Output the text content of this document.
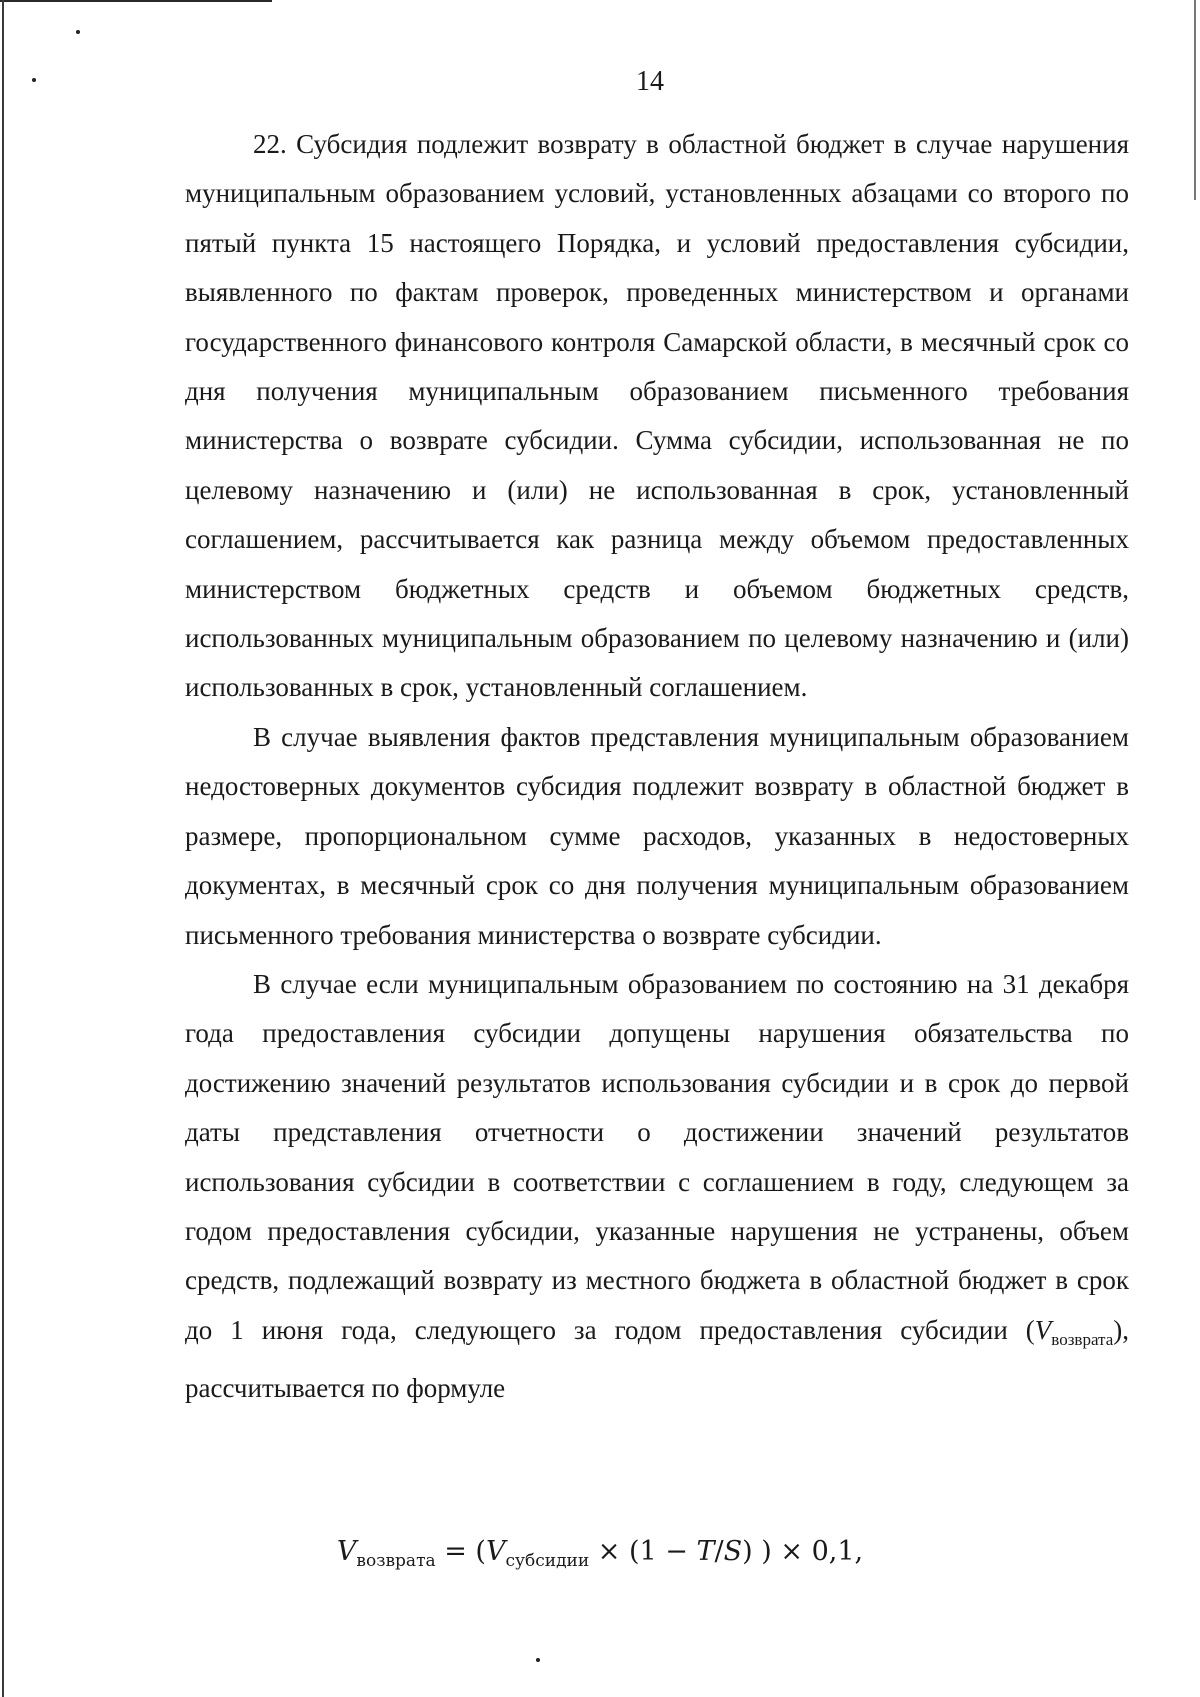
14

22. Субсидия подлежит возврату в областной бюджет в случае нарушения муниципальным образованием условий, установленных абзацами со второго по пятый пункта 15 настоящего Порядка, и условий предоставления субсидии, выявленного по фактам проверок, проведенных министерством и органами государственного финансового контроля Самарской области, в месячный срок со дня получения муниципальным образованием письменного требования министерства о возврате субсидии. Сумма субсидии, использованная не по целевому назначению и (или) не использованная в срок, установленный соглашением, рассчитывается как разница между объемом предоставленных министерством бюджетных средств и объемом бюджетных средств, использованных муниципальным образованием по целевому назначению и (или) использованных в срок, установленный соглашением.

В случае выявления фактов представления муниципальным образованием недостоверных документов субсидия подлежит возврату в областной бюджет в размере, пропорциональном сумме расходов, указанных в недостоверных документах, в месячный срок со дня получения муниципальным образованием письменного требования министерства о возврате субсидии.

В случае если муниципальным образованием по состоянию на 31 декабря года предоставления субсидии допущены нарушения обязательства по достижению значений результатов использования субсидии и в срок до первой даты представления отчетности о достижении значений результатов использования субсидии в соответствии с соглашением в году, следующем за годом предоставления субсидии, указанные нарушения не устранены, объем средств, подлежащий возврату из местного бюджета в областной бюджет в срок до 1 июня года, следующего за годом предоставления субсидии $(V_{возврата})$, рассчитывается по формуле

$V_{возврата} = (V_{субсидии} \times (1 - T/S)$ ) × 0,1,
